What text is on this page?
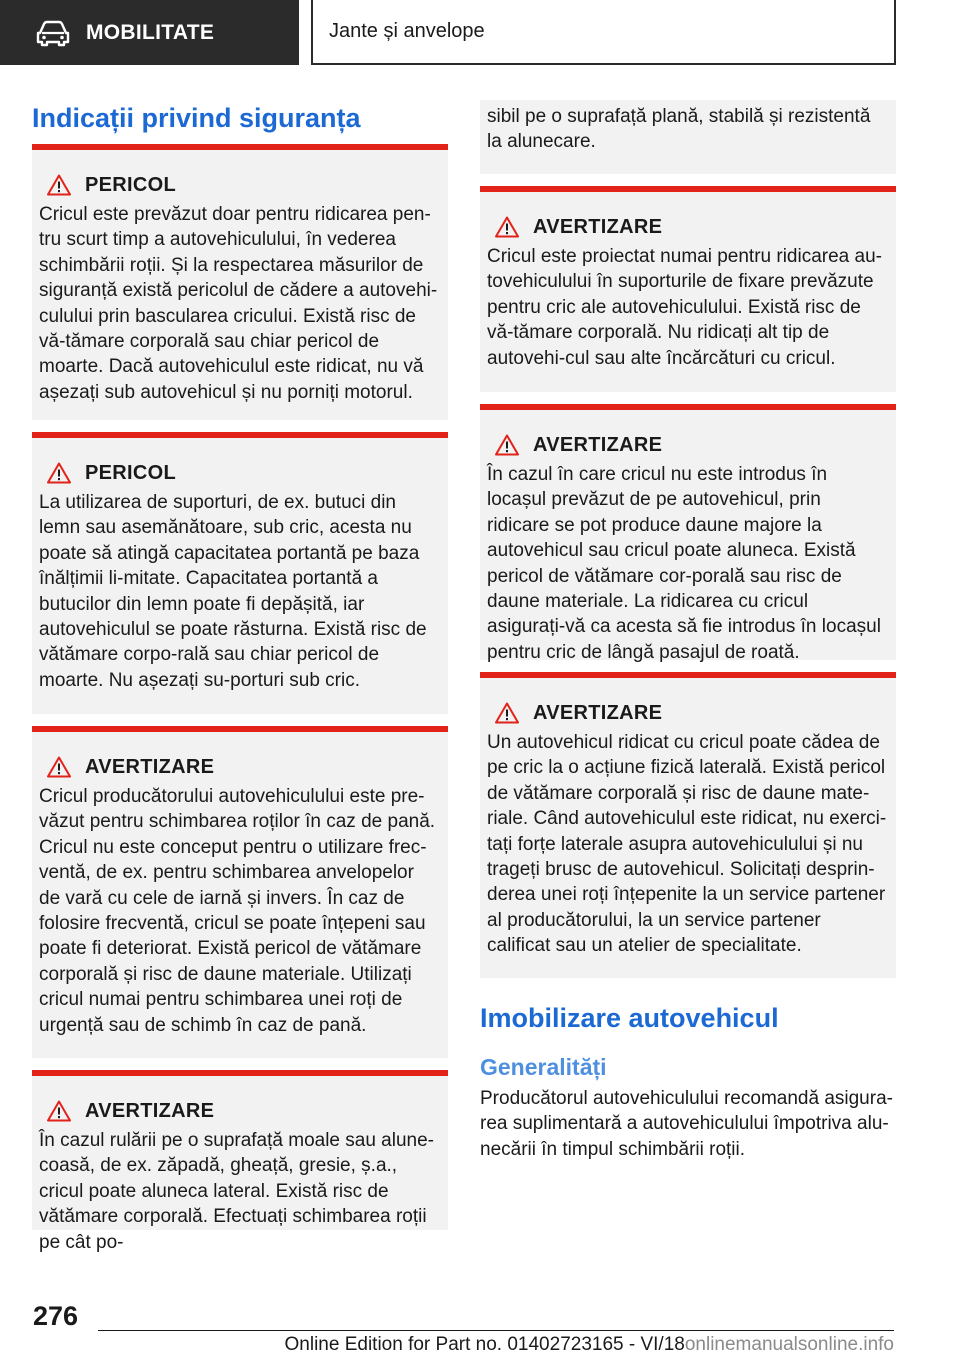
MOBILITATE	Jante și anvelope
Indicații privind siguranța
PERICOL

Cricul este prevăzut doar pentru ridicarea pen-tru scurt timp a autovehiculului, în vederea schimbării roții. Și la respectarea măsurilor de siguranță există pericolul de cădere a autovehi-culului prin bascularea cricului. Există risc de vă-tămare corporală sau chiar pericol de moarte. Dacă autovehiculul este ridicat, nu vă așezați sub autovehicul și nu porniți motorul.

PERICOL

La utilizarea de suporturi, de ex. butuci din lemn sau asemănătoare, sub cric, acesta nu poate să atingă capacitatea portantă pe baza înălțimii li-mitate. Capacitatea portantă a butucilor din lemn poate fi depășită, iar autovehiculul se poate răsturna. Există risc de vătămare corpo-rală sau chiar pericol de moarte. Nu așezați su-porturi sub cric.

AVERTIZARE

Cricul producătorului autovehiculului este pre-văzut pentru schimbarea roților în caz de pană. Cricul nu este conceput pentru o utilizare frec-ventă, de ex. pentru schimbarea anvelopelor de vară cu cele de iarnă și invers. În caz de folosire frecventă, cricul se poate înțepeni sau poate fi deteriorat. Există pericol de vătămare corporală și risc de daune materiale. Utilizați cricul numai pentru schimbarea unei roți de urgență sau de schimb în caz de pană.

AVERTIZARE

În cazul rulării pe o suprafață moale sau alune-coasă, de ex. zăpadă, gheață, gresie, ș.a., cricul poate aluneca lateral. Există risc de vătămare corporală. Efectuați schimbarea roții pe cât po-

sibil pe o suprafață plană, stabilă și rezistentă la alunecare.

AVERTIZARE

Cricul este proiectat numai pentru ridicarea au-tovehiculului în suporturile de fixare prevăzute pentru cric ale autovehiculului. Există risc de vă-tămare corporală. Nu ridicați alt tip de autovehi-cul sau alte încărcături cu cricul.

AVERTIZARE

În cazul în care cricul nu este introdus în locașul prevăzut de pe autovehicul, prin ridicare se pot produce daune majore la autovehicul sau cricul poate aluneca. Există pericol de vătămare cor-porală sau risc de daune materiale. La ridicarea cu cricul asigurați-vă ca acesta să fie introdus în locașul pentru cric de lângă pasajul de roată.

AVERTIZARE

Un autovehicul ridicat cu cricul poate cădea de pe cric la o acțiune fizică laterală. Există pericol de vătămare corporală și risc de daune mate-riale. Când autovehiculul este ridicat, nu exerci-tați forțe laterale asupra autovehiculului și nu trageți brusc de autovehicul. Solicitați desprin-derea unei roți înțepenite la un service partener al producătorului, la un service partener calificat sau un atelier de specialitate.

Imobilizare autovehicul
Generalități

Producătorul autovehiculului recomandă asigura-rea suplimentară a autovehiculului împotriva alu-necării în timpul schimbării roții.

276
Online Edition for Part no. 01402723165 - VI/18onlinemanualsonline.info
